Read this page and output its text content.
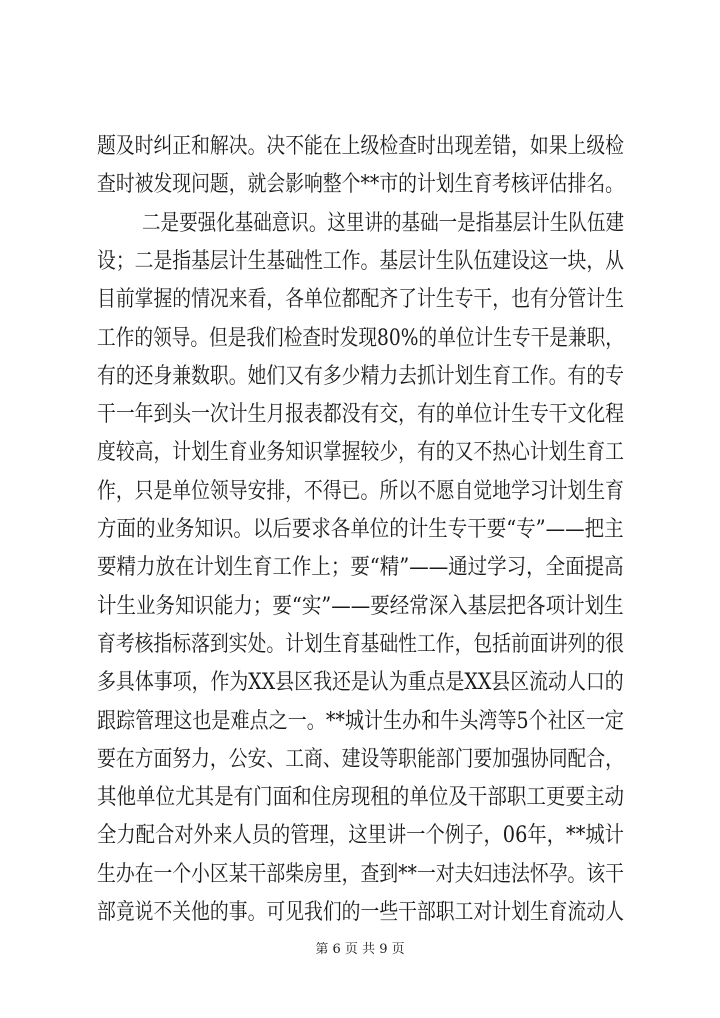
题及时纠正和解决。决不能在上级检查时出现差错，如果上级检
查时被发现问题，就会影响整个**市的计划生育考核评估排名。
二是要强化基础意识。这里讲的基础一是指基层计生队伍建
设；二是指基层计生基础性工作。基层计生队伍建设这一块，从
目前掌握的情况来看，各单位都配齐了计生专干，也有分管计生
工作的领导。但是我们检查时发现80%的单位计生专干是兼职，
有的还身兼数职。她们又有多少精力去抓计划生育工作。有的专
干一年到头一次计生月报表都没有交，有的单位计生专干文化程
度较高，计划生育业务知识掌握较少，有的又不热心计划生育工
作，只是单位领导安排，不得已。所以不愿自觉地学习计划生育
方面的业务知识。以后要求各单位的计生专干要“专”——把主
要精力放在计划生育工作上；要“精”——通过学习，全面提高
计生业务知识能力；要“实”——要经常深入基层把各项计划生
育考核指标落到实处。计划生育基础性工作，包括前面讲列的很
多具体事项，作为XX县区我还是认为重点是XX县区流动人口的
跟踪管理这也是难点之一。**城计生办和牛头湾等5个社区一定
要在方面努力，公安、工商、建设等职能部门要加强协同配合，
其他单位尤其是有门面和住房现租的单位及干部职工更要主动
全力配合对外来人员的管理，这里讲一个例子，06年，**城计
生办在一个小区某干部柴房里，查到**一对夫妇违法怀孕。该干
部竟说不关他的事。可见我们的一些干部职工对计划生育流动人
第 6 页 共 9 页
